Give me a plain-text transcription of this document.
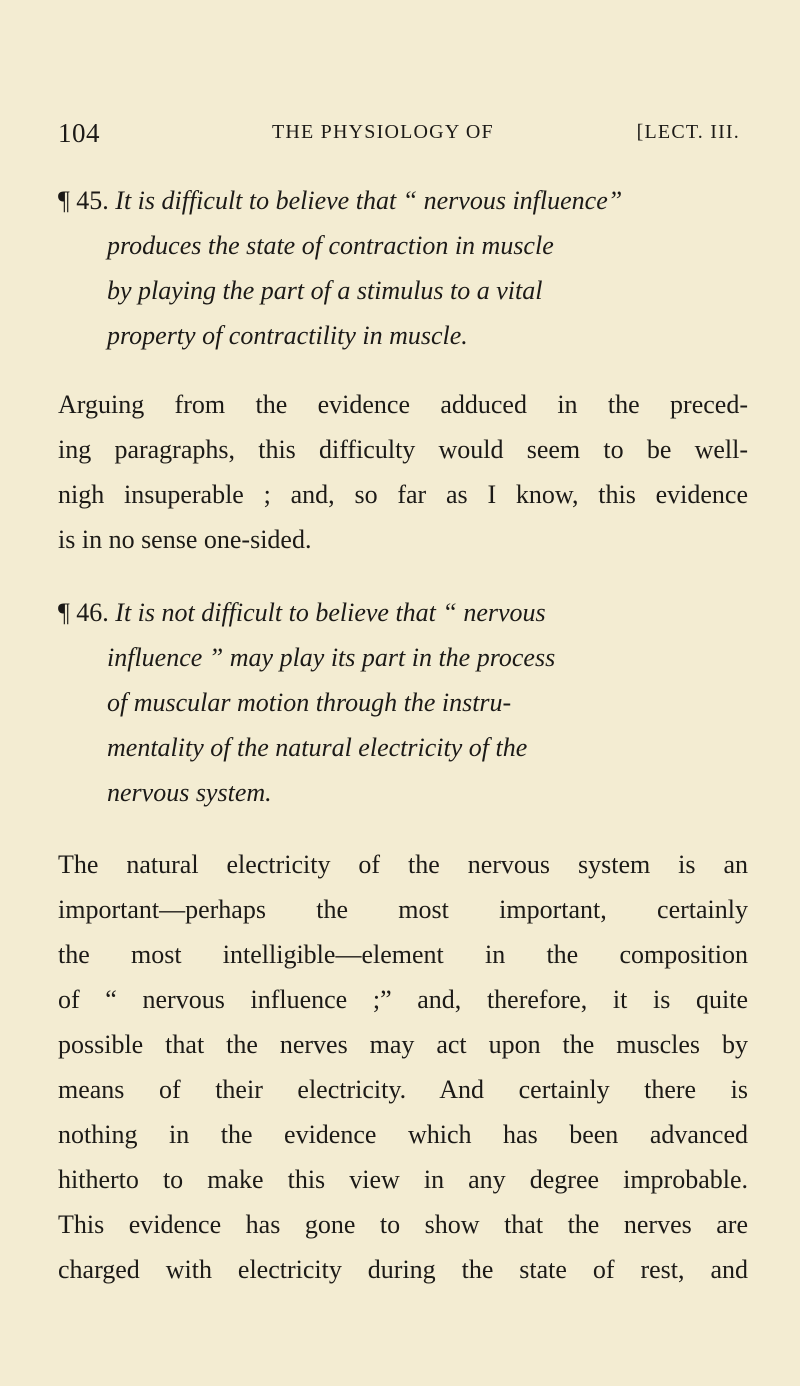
104	THE PHYSIOLOGY OF	[LECT. III.
¶ 45. It is difficult to believe that “ nervous influence”
produces the state of contraction in muscle
by playing the part of a stimulus to a vital
property of contractility in muscle.
Arguing from the evidence adduced in the preced-
ing paragraphs, this difficulty would seem to be well-
nigh insuperable ; and, so far as I know, this evidence
is in no sense one-sided.
¶ 46. It is not difficult to believe that “ nervous
influence ” may play its part in the process
of muscular motion through the instru-
mentality of the natural electricity of the
nervous system.
The natural electricity of the nervous system is an
important—perhaps the most important, certainly
the most intelligible—element in the composition
of “ nervous influence ;” and, therefore, it is quite
possible that the nerves may act upon the muscles by
means of their electricity. And certainly there is
nothing in the evidence which has been advanced
hitherto to make this view in any degree improbable.
This evidence has gone to show that the nerves are
charged with electricity during the state of rest, and
